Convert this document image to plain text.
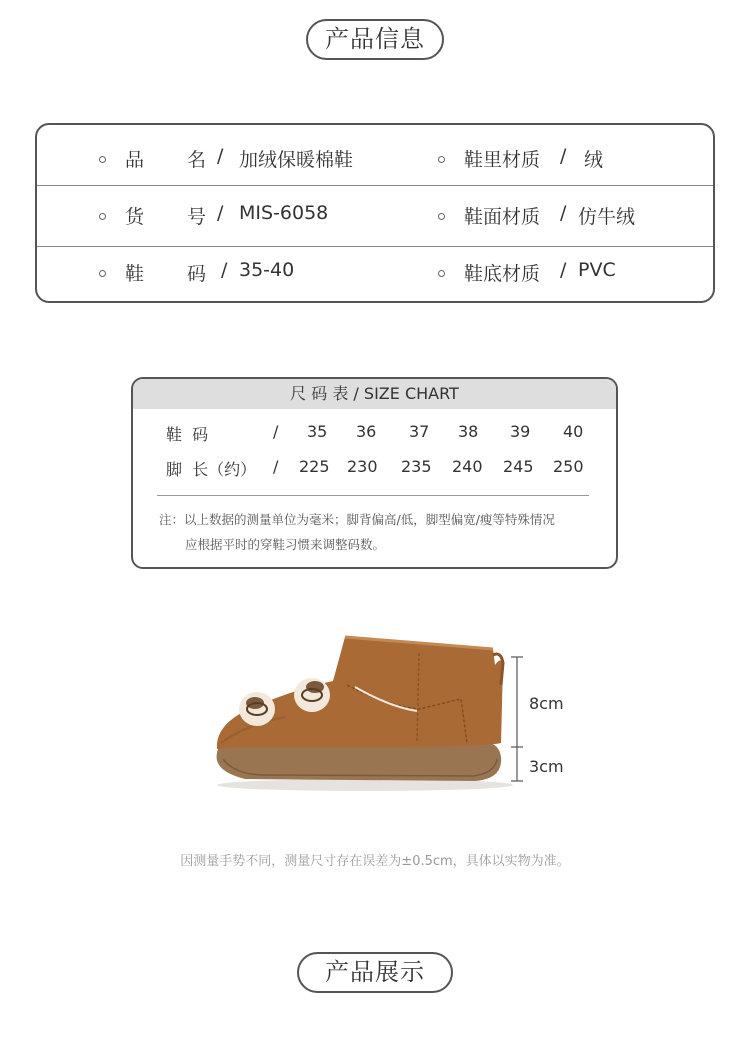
产品信息
品 名 / 加绒保暖棉鞋	鞋里材质 / 绒
货 号 / MIS-6058	鞋面材质 / 仿牛绒
鞋 码 / 35-40	鞋底材质 / PVC
尺 码 表 / SIZE CHART
鞋  码	/ 35 36 37 38 39 40
脚  长（约） / 225 230 235 240 245 250
注：以上数据的测量单位为毫米；脚背偏高/低，脚型偏宽/瘦等特殊情况
应根据平时的穿鞋习惯来调整码数。
8cm
3cm
因测量手势不同，测量尺寸存在误差为±0.5cm，具体以实物为准。
产品展示
